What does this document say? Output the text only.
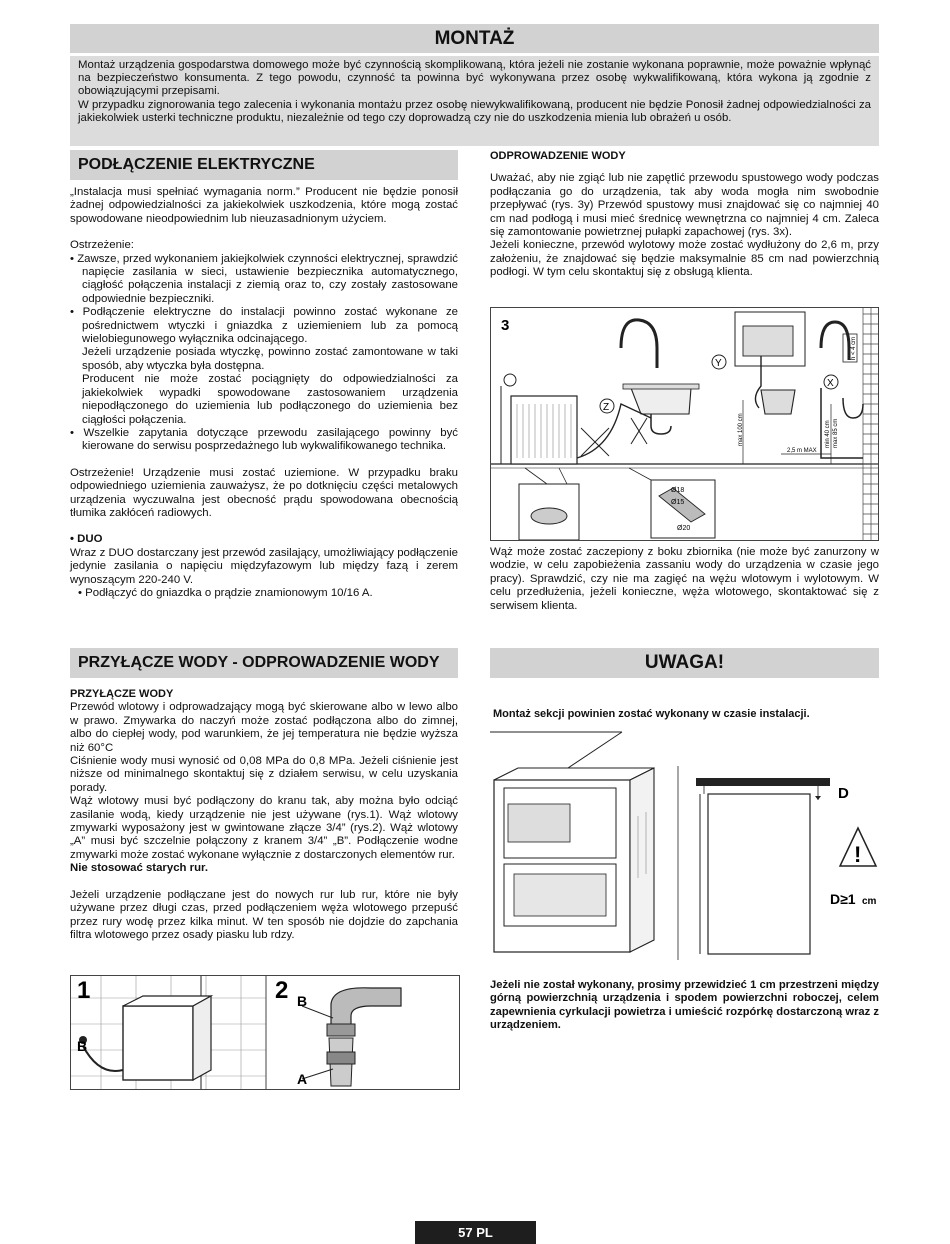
MONTAŻ

Montaż urządzenia gospodarstwa domowego może być czynnością skomplikowaną, która jeżeli nie zostanie wykonana poprawnie, może poważnie wpłynąć na bezpieczeństwo konsumenta. Z tego powodu, czynność ta powinna być wykonywana przez osobę wykwalifikowaną, która wykona ją zgodnie z obowiązującymi przepisami.

W przypadku zignorowania tego zalecenia i wykonania montażu przez osobę niewykwalifikowaną, producent nie będzie Ponosił żadnej odpowiedzialności za jakiekolwiek usterki techniczne produktu, niezależnie od tego czy doprowadzą czy nie do uszkodzenia mienia lub obrażeń u osób.

PODŁĄCZENIE ELEKTRYCZNE

„Instalacja musi spełniać wymagania norm.” Producent nie będzie ponosił żadnej odpowiedzialności za jakiekolwiek uszkodzenia, które mogą zostać spowodowane nieodpowiednim lub nieuzasadnionym użyciem.

Ostrzeżenie:

• Zawsze, przed wykonaniem jakiejkolwiek czynności elektrycznej, sprawdzić napięcie zasilania w sieci, ustawienie bezpiecznika automatycznego, ciągłość połączenia instalacji z ziemią oraz to, czy zostały zastosowane odpowiednie bezpieczniki.

• Podłączenie elektryczne do instalacji powinno zostać wykonane ze pośrednictwem wtyczki i gniazdka z uziemieniem lub za pomocą wielobiegunowego wyłącznika odcinającego.

Jeżeli urządzenie posiada wtyczkę, powinno zostać zamontowane w taki sposób, aby wtyczka była dostępna.

Producent nie może zostać pociągnięty do odpowiedzialności za jakiekolwiek wypadki spowodowane zastosowaniem urządzenia niepodłączonego do uziemienia lub podłączonego do uziemienia bez ciągłości połączenia.

• Wszelkie zapytania dotyczące przewodu zasilającego powinny być kierowane do serwisu posprzedażnego lub wykwalifikowanego technika.

Ostrzeżenie! Urządzenie musi zostać uziemione. W przypadku braku odpowiedniego uziemienia zauważysz, że po dotknięciu części metalowych urządzenia wyczuwalna jest obecność prądu spowodowana obecnością tłumika zakłóceń radiowych.

• DUO

Wraz z DUO dostarczany jest przewód zasilający, umożliwiający podłączenie jedynie zasilania o napięciu międzyfazowym lub między fazą i zerem wynoszącym 220-240 V.

• Podłączyć do gniazdka o prądzie znamionowym 10/16 A.

PRZYŁĄCZE WODY - ODPROWADZENIE WODY

PRZYŁĄCZE WODY

Przewód wlotowy i odprowadzający mogą być skierowane albo w lewo albo w prawo. Zmywarka do naczyń może zostać podłączona albo do zimnej, albo do ciepłej wody, pod warunkiem, że jej temperatura nie będzie wyższa niż 60°C

Ciśnienie wody musi wynosić od 0,08 MPa do 0,8 MPa. Jeżeli ciśnienie jest niższe od minimalnego skontaktuj się z działem serwisu, w celu uzyskania porady.

Wąż wlotowy musi być podłączony do kranu tak, aby można było odciąć zasilanie wodą, kiedy urządzenie nie jest używane (rys.1). Wąż wlotowy zmywarki wyposażony jest w gwintowane złącze 3/4” (rys.2). Wąż wlotowy „A” musi być szczelnie połączony z kranem 3/4” „B”. Podłączenie wodne zmywarki może zostać wykonane wyłącznie z dostarczonych elementów rur.

Nie stosować starych rur.

Jeżeli urządzenie podłączane jest do nowych rur lub rur, które nie były używane przez długi czas, przed podłączeniem węża wlotowego przepuść przez rury wodę przez kilka minut. W ten sposób nie dojdzie do zapchania filtra wlotowego przez osady piasku lub rdzy.

1
B
2 B
A

ODPROWADZENIE WODY

Uważać, aby nie zgiąć lub nie zapętlić przewodu spustowego wody podczas podłączania go do urządzenia, tak aby woda mogła nim swobodnie przepływać (rys. 3y) Przewód spustowy musi znajdować się co najmniej 40 cm nad podłogą i musi mieć średnicę wewnętrzna co najmniej 4 cm. Zaleca się zamontowanie powietrznej pułapki zapachowej (rys. 3x).

Jeżeli konieczne, przewód wylotowy może zostać wydłużony do 2,6 m, przy założeniu, że znajdować się będzie maksymalnie 85 cm nad powierzchnią podłogi. W tym celu skontaktuj się z obsługą klienta.

3
Y
X
Z
max 100 cm	min 40 cm max 85 cm
2,5 m MAX
h < 4 cm
Ø18
Ø15
Ø20

Wąż może zostać zaczepiony z boku zbiornika (nie może być zanurzony w wodzie, w celu zapobieżenia zassaniu wody do urządzenia w czasie jego pracy). Sprawdzić, czy nie ma zagięć na wężu wlotowym i wylotowym. W celu przedłużenia, jeżeli konieczne, węża wlotowego, skontaktować się z serwisem klienta.

UWAGA!

Montaż sekcji powinien zostać wykonany w czasie instalacji.

!
D
D≥1 cm

Jeżeli nie został wykonany, prosimy przewidzieć 1 cm przestrzeni między górną powierzchnią urządzenia i spodem powierzchni roboczej, celem zapewnienia cyrkulacji powietrza i umieścić rozpórkę dostarczoną wraz z urządzeniem.

57 PL
